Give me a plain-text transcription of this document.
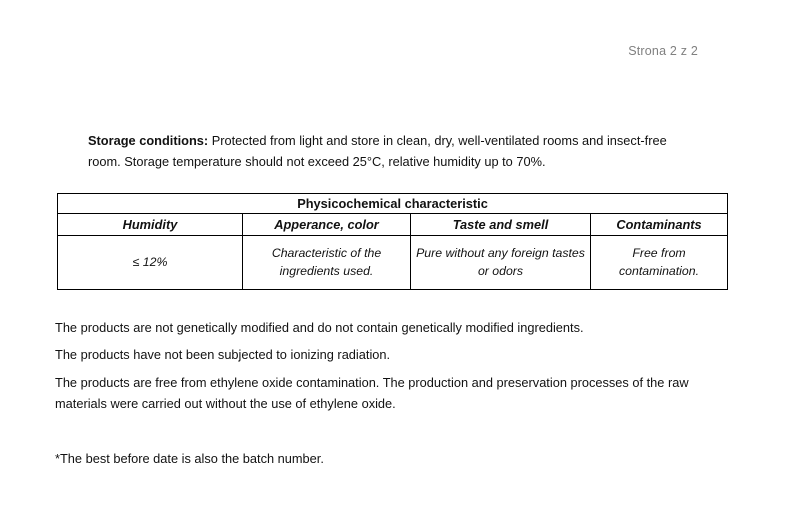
Strona 2 z 2

Storage conditions: Protected from light and store in clean, dry, well-ventilated rooms and insect-free room. Storage temperature should not exceed 25°C, relative humidity up to 70%.

Physicochemical characteristic			
Humidity	Apperance, color	Taste and smell	Contaminants
≤ 12%	Characteristic of the ingredients used.	Pure without any foreign tastes or odors	Free from contamination.

The products are not genetically modified and do not contain genetically modified ingredients.

The products have not been subjected to ionizing radiation.

The products are free from ethylene oxide contamination. The production and preservation processes of the raw materials were carried out without the use of ethylene oxide.

*The best before date is also the batch number.
